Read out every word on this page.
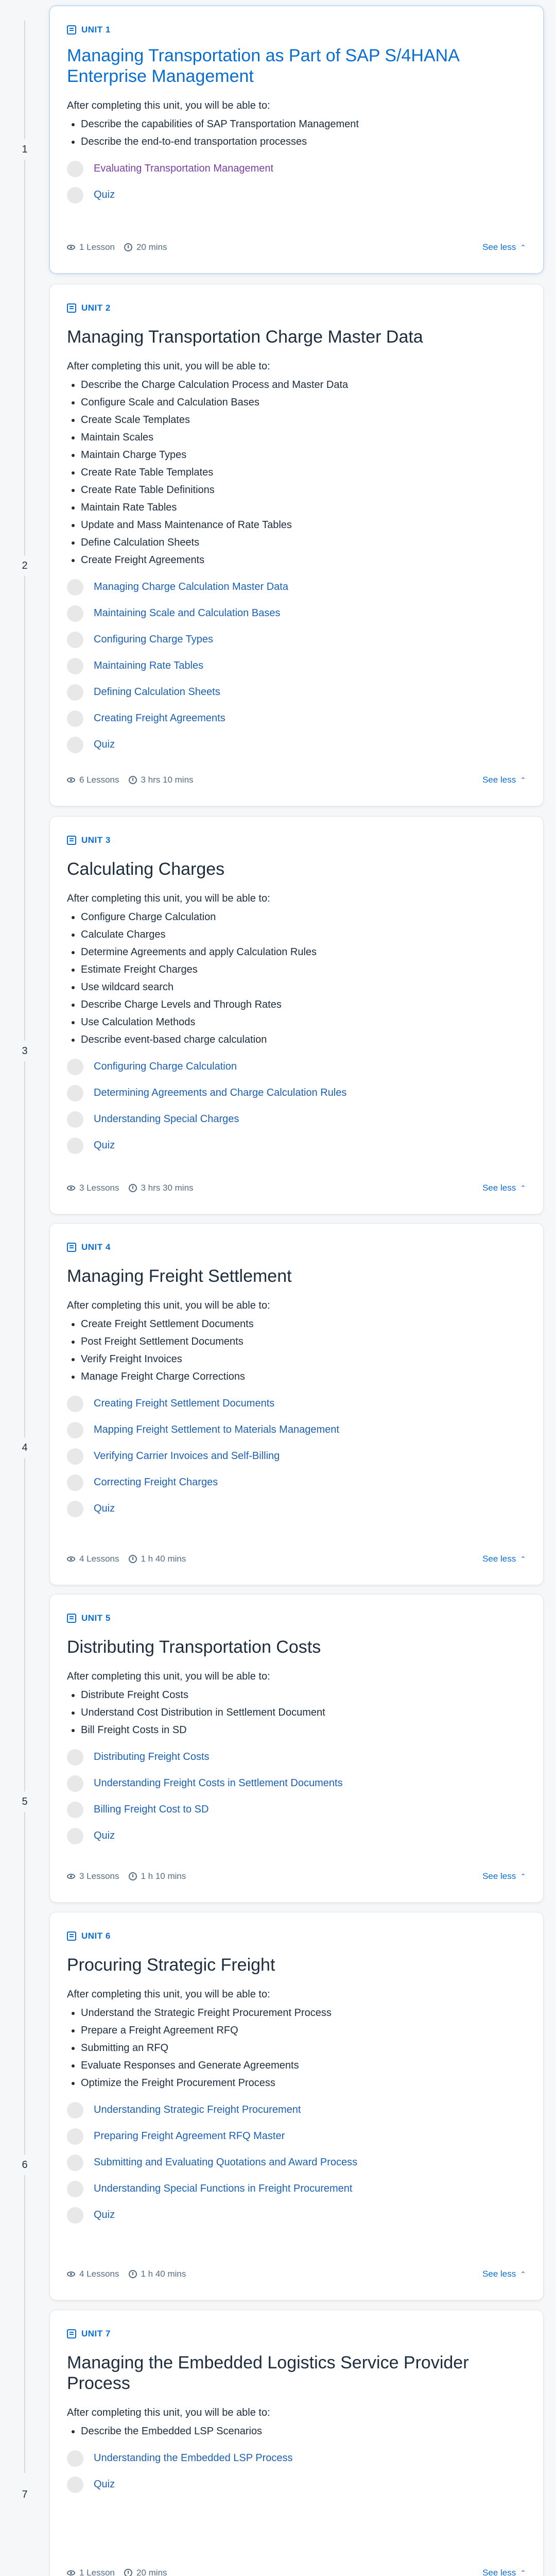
1
2
3
4
5
6
7
UNIT 1
Managing Transportation as Part of SAP S/4HANA Enterprise Management
After completing this unit, you will be able to:
• Describe the capabilities of SAP Transportation Management
• Describe the end-to-end transportation processes
Evaluating Transportation Management
Quiz
1 Lesson 20 mins	See less ⌃
UNIT 2
Managing Transportation Charge Master Data
After completing this unit, you will be able to:
• Describe the Charge Calculation Process and Master Data
• Configure Scale and Calculation Bases
• Create Scale Templates
• Maintain Scales
• Maintain Charge Types
• Create Rate Table Templates
• Create Rate Table Definitions
• Maintain Rate Tables
• Update and Mass Maintenance of Rate Tables
• Define Calculation Sheets
• Create Freight Agreements
Managing Charge Calculation Master Data
Maintaining Scale and Calculation Bases
Configuring Charge Types
Maintaining Rate Tables
Defining Calculation Sheets
Creating Freight Agreements
Quiz
6 Lessons 3 hrs 10 mins	See less ⌃
UNIT 3
Calculating Charges
After completing this unit, you will be able to:
• Configure Charge Calculation
• Calculate Charges
• Determine Agreements and apply Calculation Rules
• Estimate Freight Charges
• Use wildcard search
• Describe Charge Levels and Through Rates
• Use Calculation Methods
• Describe event-based charge calculation
Configuring Charge Calculation
Determining Agreements and Charge Calculation Rules
Understanding Special Charges
Quiz
3 Lessons 3 hrs 30 mins	See less ⌃
UNIT 4
Managing Freight Settlement
After completing this unit, you will be able to:
• Create Freight Settlement Documents
• Post Freight Settlement Documents
• Verify Freight Invoices
• Manage Freight Charge Corrections
Creating Freight Settlement Documents
Mapping Freight Settlement to Materials Management
Verifying Carrier Invoices and Self-Billing
Correcting Freight Charges
Quiz
4 Lessons 1 h 40 mins	See less ⌃
UNIT 5
Distributing Transportation Costs
After completing this unit, you will be able to:
• Distribute Freight Costs
• Understand Cost Distribution in Settlement Document
• Bill Freight Costs in SD
Distributing Freight Costs
Understanding Freight Costs in Settlement Documents
Billing Freight Cost to SD
Quiz
3 Lessons 1 h 10 mins	See less ⌃
UNIT 6
Procuring Strategic Freight
After completing this unit, you will be able to:
• Understand the Strategic Freight Procurement Process
• Prepare a Freight Agreement RFQ
• Submitting an RFQ
• Evaluate Responses and Generate Agreements
• Optimize the Freight Procurement Process
Understanding Strategic Freight Procurement
Preparing Freight Agreement RFQ Master
Submitting and Evaluating Quotations and Award Process
Understanding Special Functions in Freight Procurement
Quiz
4 Lessons 1 h 40 mins	See less ⌃
UNIT 7
Managing the Embedded Logistics Service Provider Process
After completing this unit, you will be able to:
• Describe the Embedded LSP Scenarios
Understanding the Embedded LSP Process
Quiz
1 Lesson 20 mins	See less ⌃
